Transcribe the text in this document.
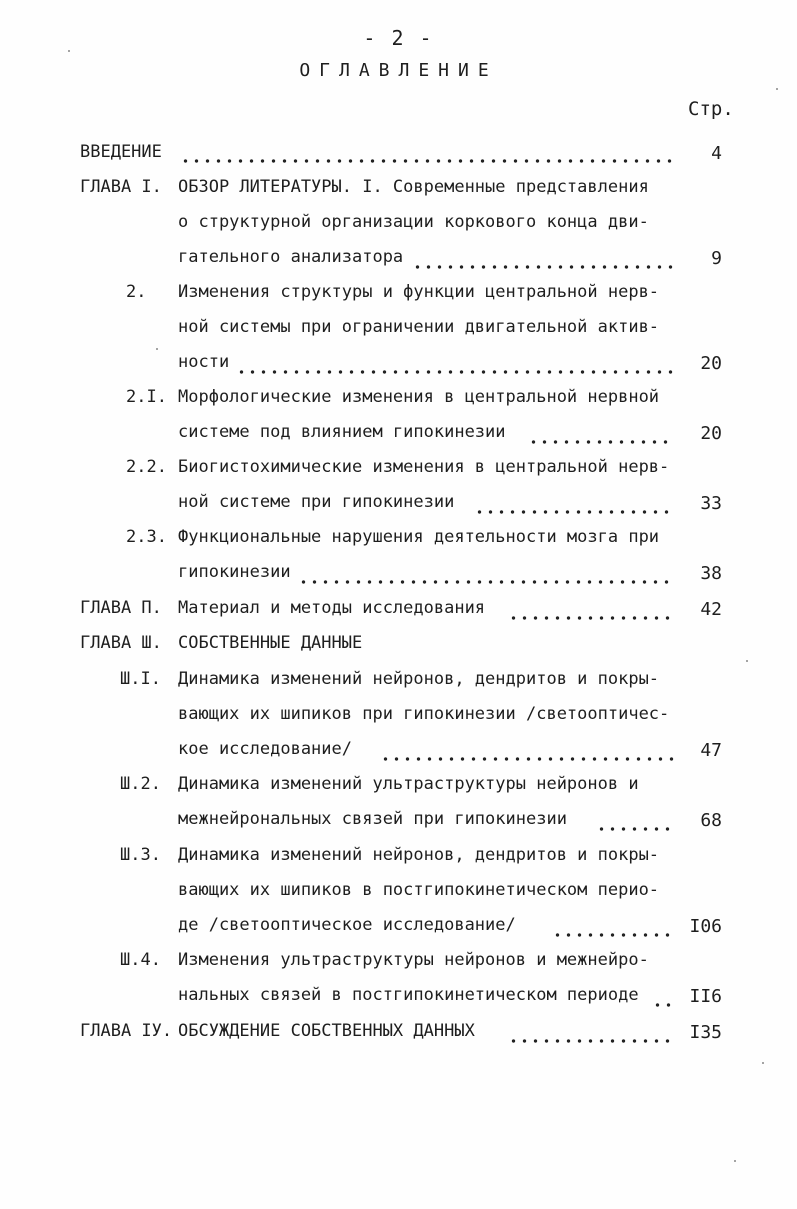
- 2 -
ОГЛАВЛЕНИЕ
Стр.
ВВЕДЕНИЕ	4
ГЛАВА I. ОБЗОР ЛИТЕРАТУРЫ. I. Современные представления
о структурной организации коркового конца дви-
гательного анализатора	9
2. Изменения структуры и функции центральной нерв-
ной системы при ограничении двигательной актив-
ности	20
2.I. Морфологические изменения в центральной нервной
системе под влиянием гипокинезии	20
2.2. Биогистохимические изменения в центральной нерв-
ной системе при гипокинезии	33
2.3. Функциональные нарушения деятельности мозга при
гипокинезии	38
ГЛАВА П. Материал и методы исследования	42
ГЛАВА Ш. СОБСТВЕННЫЕ ДАННЫЕ
Ш.I. Динамика изменений нейронов, дендритов и покры-
вающих их шипиков при гипокинезии /светооптичес-
кое исследование/	47
Ш.2. Динамика изменений ультраструктуры нейронов и
межнейрональных связей при гипокинезии	68
Ш.3. Динамика изменений нейронов, дендритов и покры-
вающих их шипиков в постгипокинетическом перио-
де /светооптическое исследование/	I06
Ш.4. Изменения ультраструктуры нейронов и межнейро-
нальных связей в постгипокинетическом периоде	II6
ГЛАВА IУ. ОБСУЖДЕНИЕ СОБСТВЕННЫХ ДАННЫХ	I35
